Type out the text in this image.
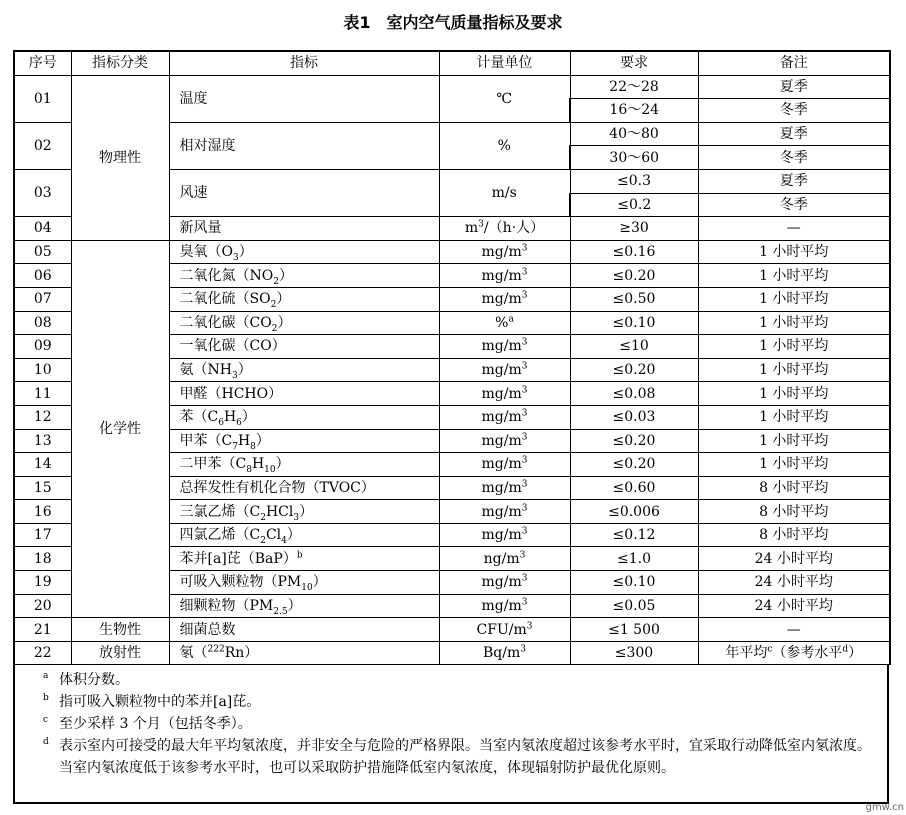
表1　室内空气质量指标及要求
序号	指标分类	指标	计量单位	要求	备注
01	物理性	温度	℃	22～28	夏季
				16～24	冬季
02		相对湿度	%	40～80	夏季
				30～60	冬季
03		风速	m/s	≤0.3	夏季
				≤0.2	冬季
04		新风量	$m^3/(h\cdot$人）	≥30	—
05	化学性	臭氧$(O_3)$	$mg/m^3$	≤0.16	1 小时平均
06		二氧化氮$(NO_2)$	$mg/m^3$	≤0.20	1 小时平均
07		二氧化硫$(SO_2)$	$mg/m^3$	≤0.50	1 小时平均
08		二氧化碳$(CO_2)$	%$^a$	≤0.10	1 小时平均
09		一氧化碳（CO）	$mg/m^3$	≤10	1 小时平均
10		氨$(NH_3)$	$mg/m^3$	≤0.20	1 小时平均
11		甲醛（HCHO）	$mg/m^3$	≤0.08	1 小时平均
12		苯$(C_6H_6)$	$mg/m^3$	≤0.03	1 小时平均
13		甲苯$(C_7H_8)$	$mg/m^3$	≤0.20	1 小时平均
14		二甲苯$(C_8H_{10})$	$mg/m^3$	≤0.20	1 小时平均
15		总挥发性有机化合物（TVOC）	$mg/m^3$	≤0.60	8 小时平均
16		三氯乙烯$(C_2HCl_3)$	$mg/m^3$	≤0.006	8 小时平均
17		四氯乙烯$(C_2Cl_4)$	$mg/m^3$	≤0.12	8 小时平均
18		苯并[a]芘（BaP）$^b$	$ng/m^3$	≤1.0	24 小时平均
19		可吸入颗粒物$(PM_{10})$	$mg/m^3$	≤0.10	24 小时平均
20		细颗粒物$(PM_{2.5})$	$mg/m^3$	≤0.05	24 小时平均
21	生物性	细菌总数	CFU/$m^3$	≤1 500	—
22	放射性	氡（$^{222}$Rn）	$Bq/m^3$	≤300	年平均$^c$（参考水平$^d$）
a 体积分数。
b 指可吸入颗粒物中的苯并[a]芘。
c 至少采样 3 个月（包括冬季）。
d 表示室内可接受的最大年平均氡浓度，并非安全与危险的严格界限。当室内氡浓度超过该参考水平时，宜采取行动降低室内氡浓度。当室内氡浓度低于该参考水平时，也可以采取防护措施降低室内氡浓度，体现辐射防护最优化原则。
gmw.cn
